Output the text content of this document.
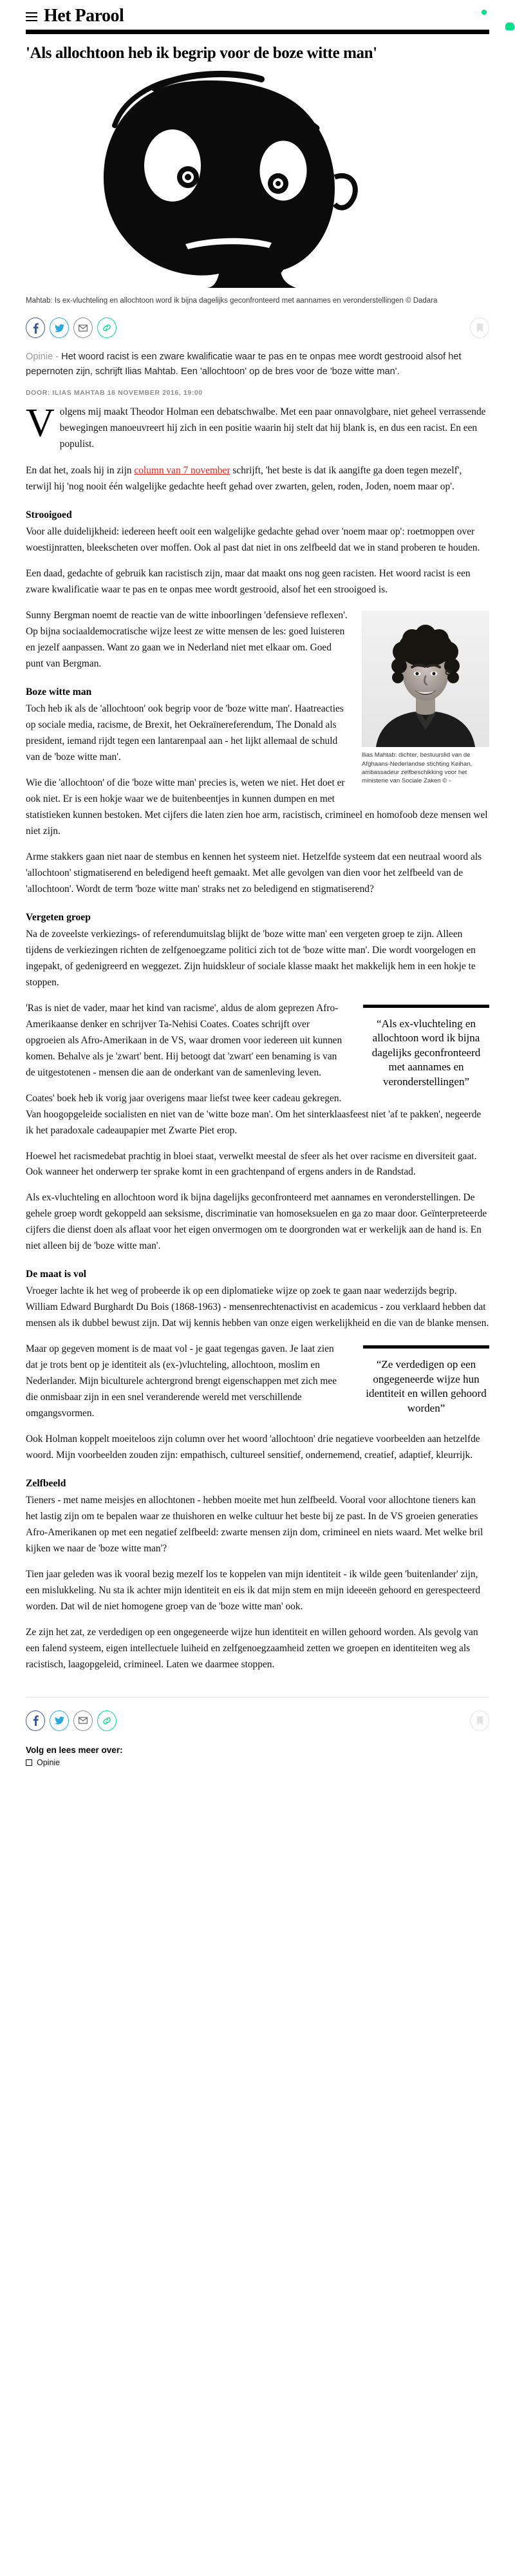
Het Parool
'Als allochtoon heb ik begrip voor de boze witte man'
Mahtab: Is ex-vluchteling en allochtoon word ik bijna dagelijks geconfronteerd met aannames en veronderstellingen © Dadara
Opinie - Het woord racist is een zware kwalificatie waar te pas en te onpas mee wordt gestrooid alsof het pepernoten zijn, schrijft Ilias Mahtab. Een 'allochtoon' op de bres voor de 'boze witte man'.
DOOR: ILIAS MAHTAB 16 NOVEMBER 2016, 19:00

Volgens mij maakt Theodor Holman een debatschwalbe. Met een paar onnavolgbare, niet geheel verrassende bewegingen manoeuvreert hij zich in een positie waarin hij stelt dat hij blank is, en dus een racist. En een populist.

En dat het, zoals hij in zijn column van 7 november schrijft, 'het beste is dat ik aangifte ga doen tegen mezelf', terwijl hij 'nog nooit één walgelijke gedachte heeft gehad over zwarten, gelen, roden, Joden, noem maar op'.

Strooigoed

Voor alle duidelijkheid: iedereen heeft ooit een walgelijke gedachte gehad over 'noem maar op': roetmoppen over woestijnratten, bleekscheten over moffen. Ook al past dat niet in ons zelfbeeld dat we in stand proberen te houden.

Een daad, gedachte of gebruik kan racistisch zijn, maar dat maakt ons nog geen racisten. Het woord racist is een zware kwalificatie waar te pas en te onpas mee wordt gestrooid, alsof het een strooigoed is.

Ilias Mahtab: dichter, bestuurslid van de Afghaans-Nederlandse stichting Keihan, ambassadeur zelfbeschikking voor het ministerie van Sociale Zaken © -

Sunny Bergman noemt de reactie van de witte inboorlingen 'defensieve reflexen'. Op bijna sociaaldemocratische wijze leest ze witte mensen de les: goed luisteren en jezelf aanpassen. Want zo gaan we in Nederland niet met elkaar om. Goed punt van Bergman.

Boze witte man

Toch heb ik als de 'allochtoon' ook begrip voor de 'boze witte man'. Haatreacties op sociale media, racisme, de Brexit, het Oekraïnereferendum, The Donald als president, iemand rijdt tegen een lantarenpaal aan - het lijkt allemaal de schuld van de 'boze witte man'.

Wie die 'allochtoon' of die 'boze witte man' precies is, weten we niet. Het doet er ook niet. Er is een hokje waar we de buitenbeentjes in kunnen dumpen en met statistieken kunnen bestoken. Met cijfers die laten zien hoe arm, racistisch, crimineel en homofoob deze mensen wel niet zijn.

Arme stakkers gaan niet naar de stembus en kennen het systeem niet. Hetzelfde systeem dat een neutraal woord als 'allochtoon' stigmatiserend en beledigend heeft gemaakt. Met alle gevolgen van dien voor het zelfbeeld van de 'allochtoon'. Wordt de term 'boze witte man' straks net zo beledigend en stigmatiserend?

Vergeten groep

Na de zoveelste verkiezings- of referendumuitslag blijkt de 'boze witte man' een vergeten groep te zijn. Alleen tijdens de verkiezingen richten de zelfgenoegzame politici zich tot de 'boze witte man'. Die wordt voorgelogen en ingepakt, of gedenigreerd en weggezet. Zijn huidskleur of sociale klasse maakt het makkelijk hem in een hokje te stoppen.

“Als ex-vluchteling en allochtoon word ik bijna dagelijks geconfronteerd met aannames en veronderstellingen”

'Ras is niet de vader, maar het kind van racisme', aldus de alom geprezen Afro-Amerikaanse denker en schrijver Ta-Nehisi Coates. Coates schrijft over opgroeien als Afro-Amerikaan in de VS, waar dromen voor iedereen uit kunnen komen. Behalve als je 'zwart' bent. Hij betoogt dat 'zwart' een benaming is van de uitgestotenen - mensen die aan de onderkant van de samenleving leven.

Coates' boek heb ik vorig jaar overigens maar liefst twee keer cadeau gekregen. Van hoogopgeleide socialisten en niet van de 'witte boze man'. Om het sinterklaasfeest niet 'af te pakken', negeerde ik het paradoxale cadeaupapier met Zwarte Piet erop.

Hoewel het racismedebat prachtig in bloei staat, verwelkt meestal de sfeer als het over racisme en diversiteit gaat. Ook wanneer het onderwerp ter sprake komt in een grachtenpand of ergens anders in de Randstad.

Als ex-vluchteling en allochtoon word ik bijna dagelijks geconfronteerd met aannames en veronderstellingen. De gehele groep wordt gekoppeld aan seksisme, discriminatie van homoseksuelen en ga zo maar door. Geïnterpreteerde cijfers die dienst doen als aflaat voor het eigen onvermogen om te doorgronden wat er werkelijk aan de hand is. En niet alleen bij de 'boze witte man'.

De maat is vol

Vroeger lachte ik het weg of probeerde ik op een diplomatieke wijze op zoek te gaan naar wederzijds begrip. William Edward Burghardt Du Bois (1868-1963) - mensenrechtenactivist en academicus - zou verklaard hebben dat mensen als ik dubbel bewust zijn. Dat wij kennis hebben van onze eigen werkelijkheid en die van de blanke mensen.

“Ze verdedigen op een ongegeneerde wijze hun identiteit en willen gehoord worden”

Maar op gegeven moment is de maat vol - je gaat tegengas gaven. Je laat zien dat je trots bent op je identiteit als (ex-)vluchteling, allochtoon, moslim en Nederlander. Mijn biculturele achtergrond brengt eigenschappen met zich mee die onmisbaar zijn in een snel veranderende wereld met verschillende omgangsvormen.

Ook Holman koppelt moeiteloos zijn column over het woord 'allochtoon' drie negatieve voorbeelden aan hetzelfde woord. Mijn voorbeelden zouden zijn: empathisch, cultureel sensitief, ondernemend, creatief, adaptief, kleurrijk.

Zelfbeeld

Tieners - met name meisjes en allochtonen - hebben moeite met hun zelfbeeld. Vooral voor allochtone tieners kan het lastig zijn om te bepalen waar ze thuishoren en welke cultuur het beste bij ze past. In de VS groeien generaties Afro-Amerikanen op met een negatief zelfbeeld: zwarte mensen zijn dom, crimineel en niets waard. Met welke bril kijken we naar de 'boze witte man'?

Tien jaar geleden was ik vooral bezig mezelf los te koppelen van mijn identiteit - ik wilde geen 'buitenlander' zijn, een mislukkeling. Nu sta ik achter mijn identiteit en eis ik dat mijn stem en mijn ideeeën gehoord en gerespecteerd worden. Dat wil de niet homogene groep van de 'boze witte man' ook.

Ze zijn het zat, ze verdedigen op een ongegeneerde wijze hun identiteit en willen gehoord worden. Als gevolg van een falend systeem, eigen intellectuele luiheid en zelfgenoegzaamheid zetten we groepen en identiteiten weg als racistisch, laagopgeleid, crimineel. Laten we daarmee stoppen.

Volg en lees meer over:
Opinie
